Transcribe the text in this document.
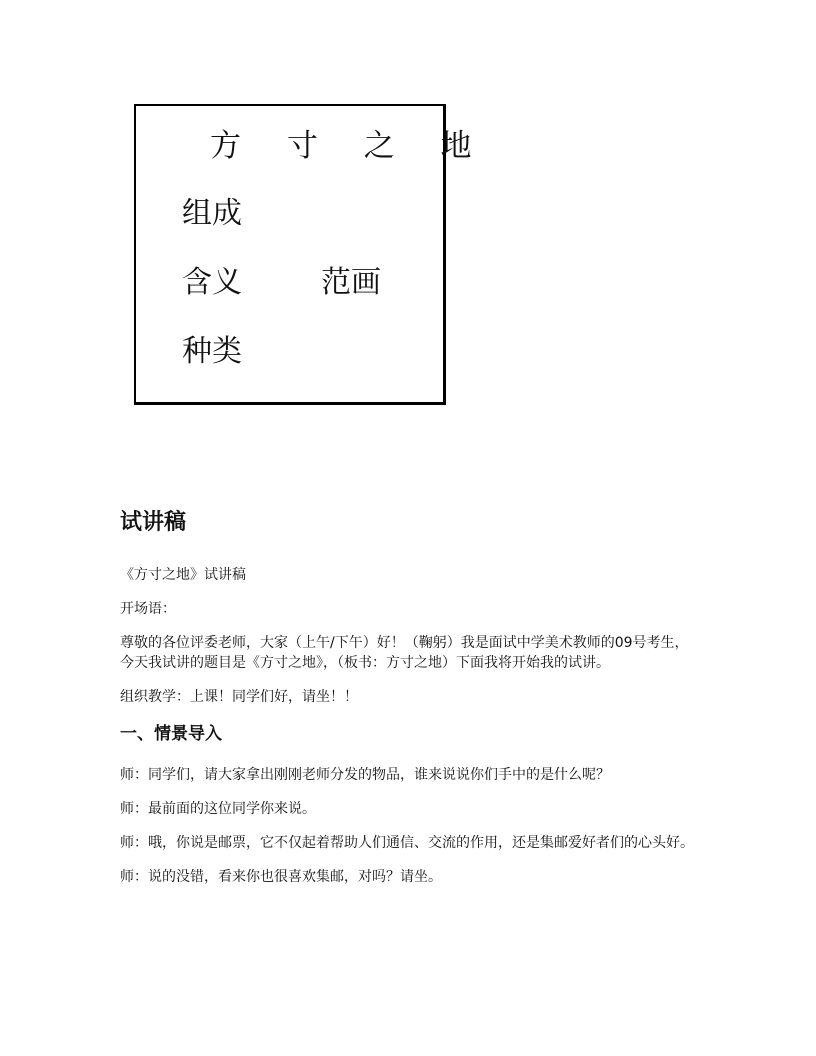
方 寸 之 地
组成
含义	范画
种类
试讲稿

《方寸之地》试讲稿

开场语：

尊敬的各位评委老师，大家（上午/下午）好！（鞠躬）我是面试中学美术教师的09号考生，今天我试讲的题目是《方寸之地》，（板书：方寸之地）下面我将开始我的试讲。

组织教学：上课！同学们好，请坐！！

一、情景导入

师：同学们，请大家拿出刚刚老师分发的物品，谁来说说你们手中的是什么呢？

师：最前面的这位同学你来说。

师：哦，你说是邮票，它不仅起着帮助人们通信、交流的作用，还是集邮爱好者们的心头好。

师：说的没错，看来你也很喜欢集邮，对吗？请坐。
